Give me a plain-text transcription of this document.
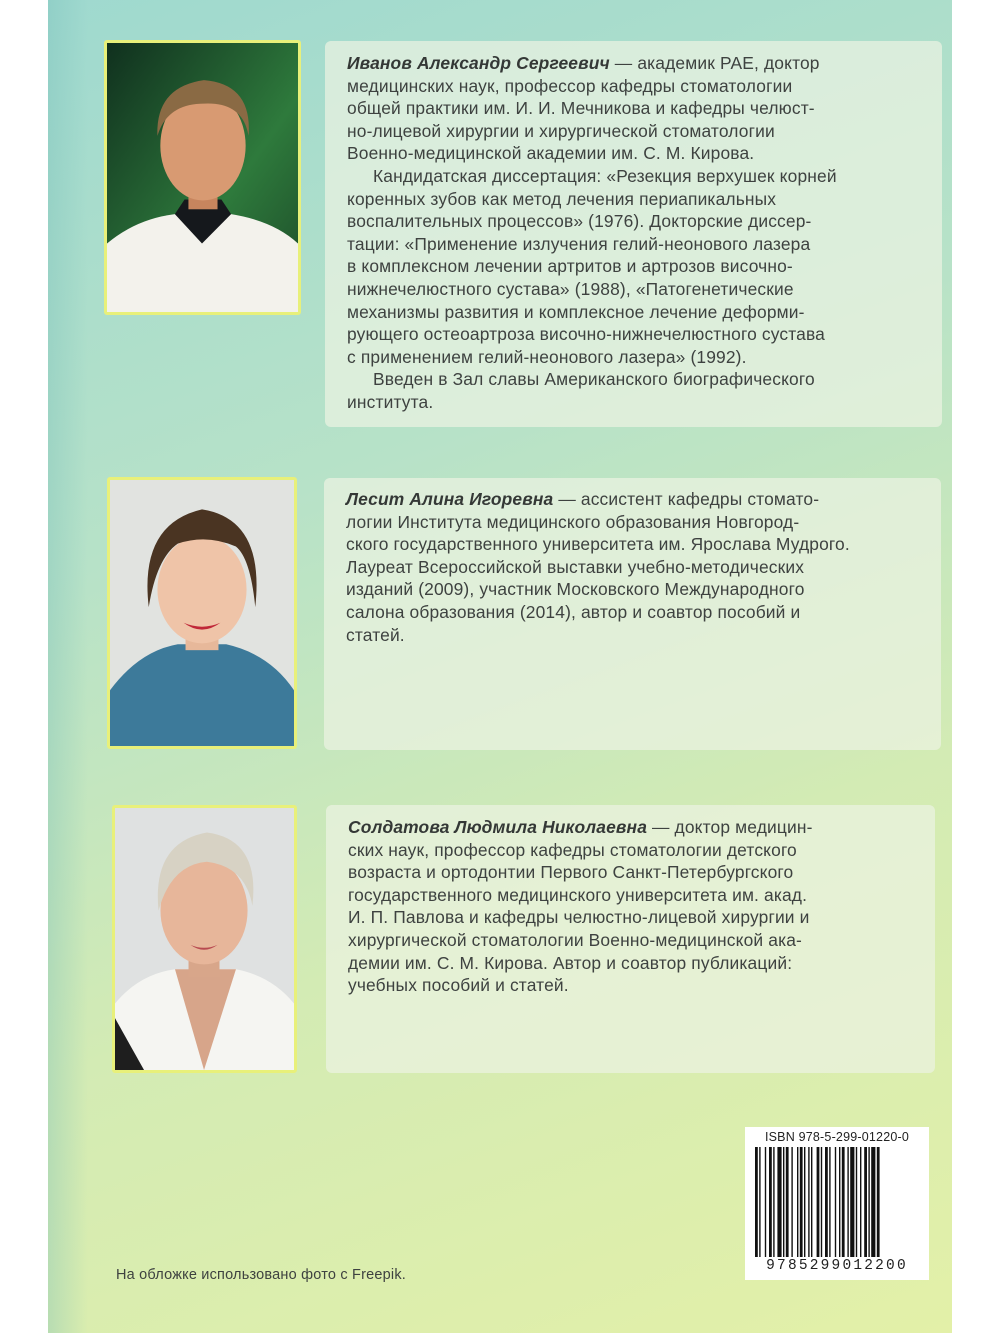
Иванов Александр Сергеевич — академик РАЕ, доктор

медицинских наук, профессор кафедры стоматологии

общей практики им. И. И. Мечникова и кафедры челюст-

но-лицевой хирургии и хирургической стоматологии

Военно-медицинской академии им. С. М. Кирова.

Кандидатская диссертация: «Резекция верхушек корней

коренных зубов как метод лечения периапикальных

воспалительных процессов» (1976). Докторские диссер-

тации: «Применение излучения гелий-неонового лазера

в комплексном лечении артритов и артрозов височно-

нижнечелюстного сустава» (1988), «Патогенетические

механизмы развития и комплексное лечение деформи-

рующего остеоартроза височно-нижнечелюстного сустава

с применением гелий-неонового лазера» (1992).

Введен в Зал славы Американского биографического

института.

Лесит Алина Игоревна — ассистент кафедры стомато-

логии Института медицинского образования Новгород-

ского государственного университета им. Ярослава Мудрого.

Лауреат Всероссийской выставки учебно-методических

изданий (2009), участник Московского Международного

салона образования (2014), автор и соавтор пособий и

статей.

Солдатова Людмила Николаевна — доктор медицин-

ских наук, профессор кафедры стоматологии детского

возраста и ортодонтии Первого Санкт-Петербургского

государственного медицинского университета им. акад.

И. П. Павлова и кафедры челюстно-лицевой хирургии и

хирургической стоматологии Военно-медицинской ака-

демии им. С. М. Кирова. Автор и соавтор публикаций:

учебных пособий и статей.

ISBN 978-5-299-01220-0
9785299012200
На обложке использовано фото с Freepik.
